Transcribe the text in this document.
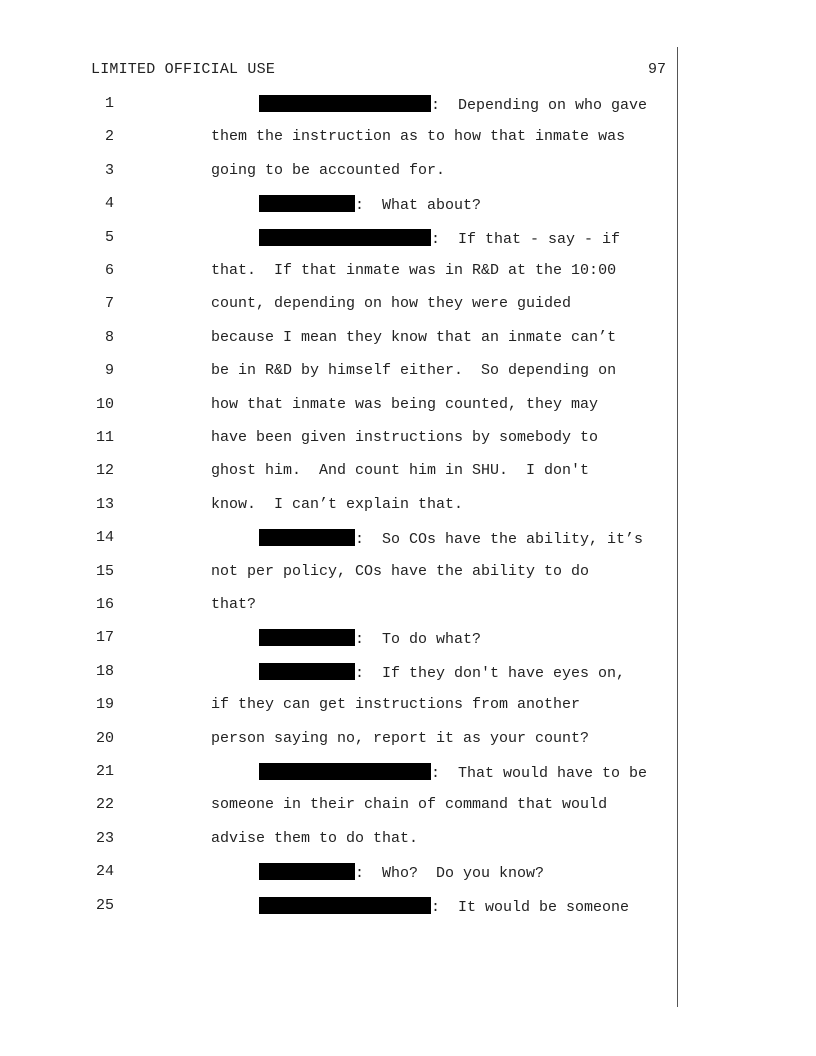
LIMITED OFFICIAL USE	97
1	:  Depending on who gave
2	them the instruction as to how that inmate was
3	going to be accounted for.
4	:  What about?
5	:  If that - say - if
6	that.  If that inmate was in R&D at the 10:00
7	count, depending on how they were guided
8	because I mean they know that an inmate can’t
9	be in R&D by himself either.  So depending on
10	how that inmate was being counted, they may
11	have been given instructions by somebody to
12	ghost him.  And count him in SHU.  I don't
13	know.  I can’t explain that.
14	:  So COs have the ability, it’s
15	not per policy, COs have the ability to do
16	that?
17	:  To do what?
18	:  If they don't have eyes on,
19	if they can get instructions from another
20	person saying no, report it as your count?
21	:  That would have to be
22	someone in their chain of command that would
23	advise them to do that.
24	:  Who?  Do you know?
25	:  It would be someone
